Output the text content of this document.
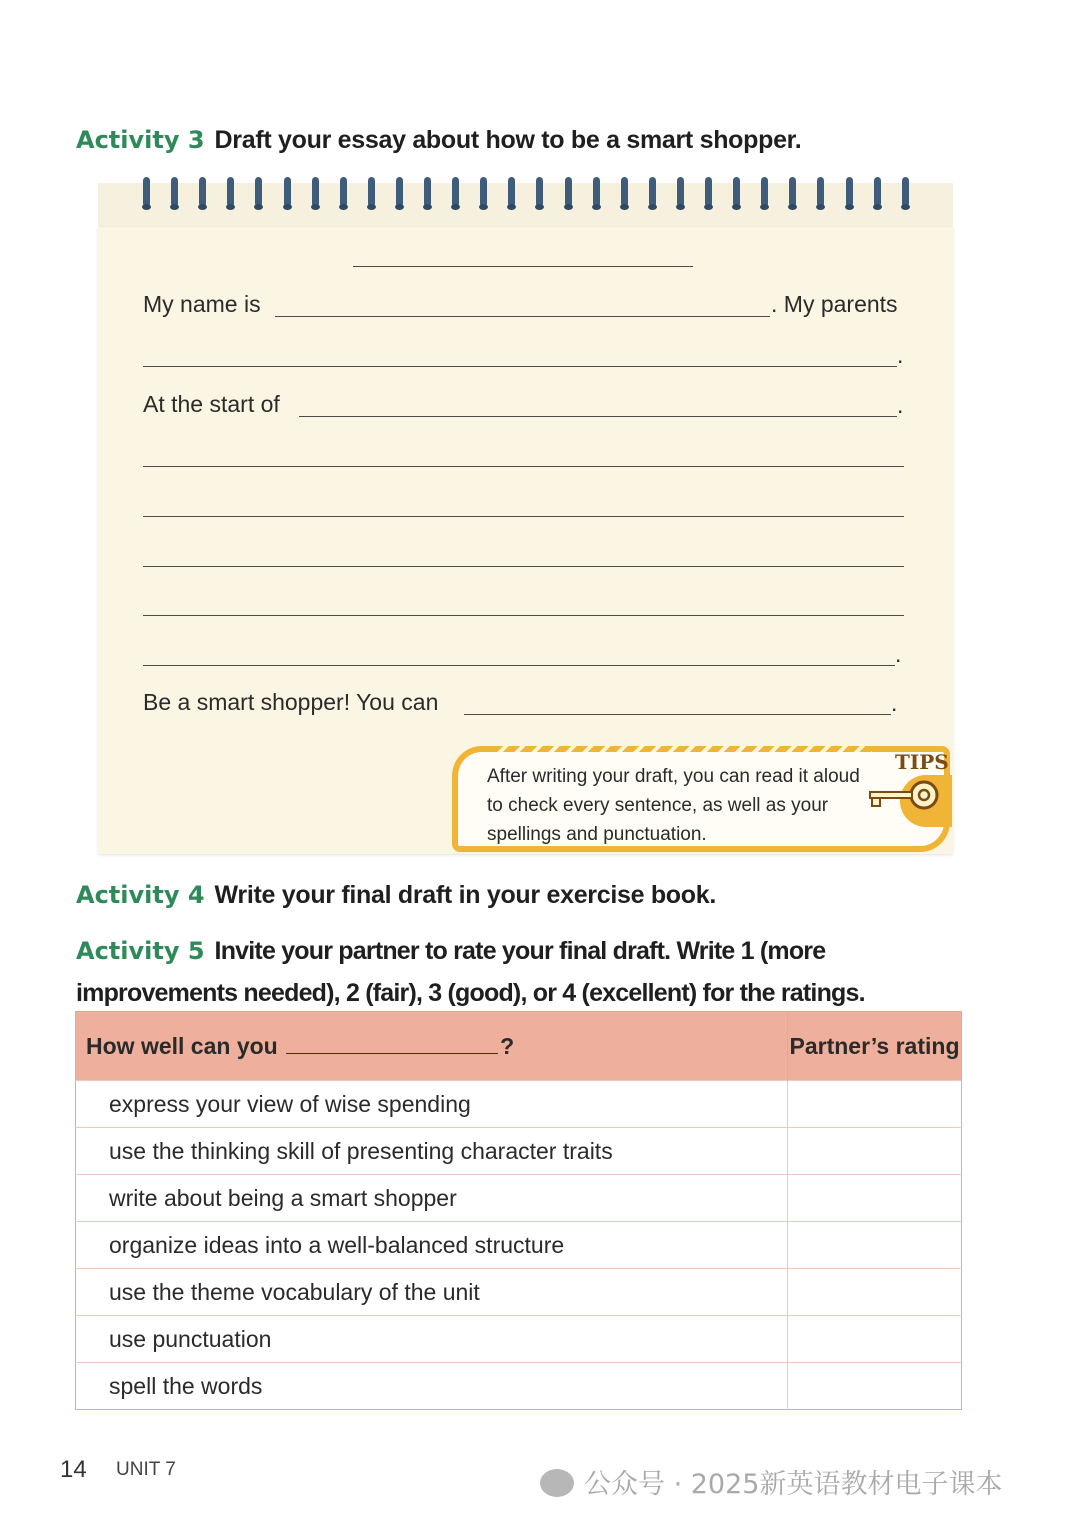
Activity 3 Draft your essay about how to be a smart shopper.
My name is	. My parents
.
At the start of	.
.
Be a smart shopper! You can	.
TIPS
After writing your draft, you can read it aloud to check every sentence, as well as your spellings and punctuation.
Activity 4 Write your final draft in your exercise book.
Activity 5 Invite your partner to rate your final draft. Write 1 (more improvements needed), 2 (fair), 3 (good), or 4 (excellent) for the ratings.
How well can you ?	Partner’s rating
express your view of wise spending	
use the thinking skill of presenting character traits	
write about being a smart shopper	
organize ideas into a well-balanced structure	
use the theme vocabulary of the unit	
use punctuation	
spell the words	
14 UNIT 7	公众号 · 2025新英语教材电子课本
